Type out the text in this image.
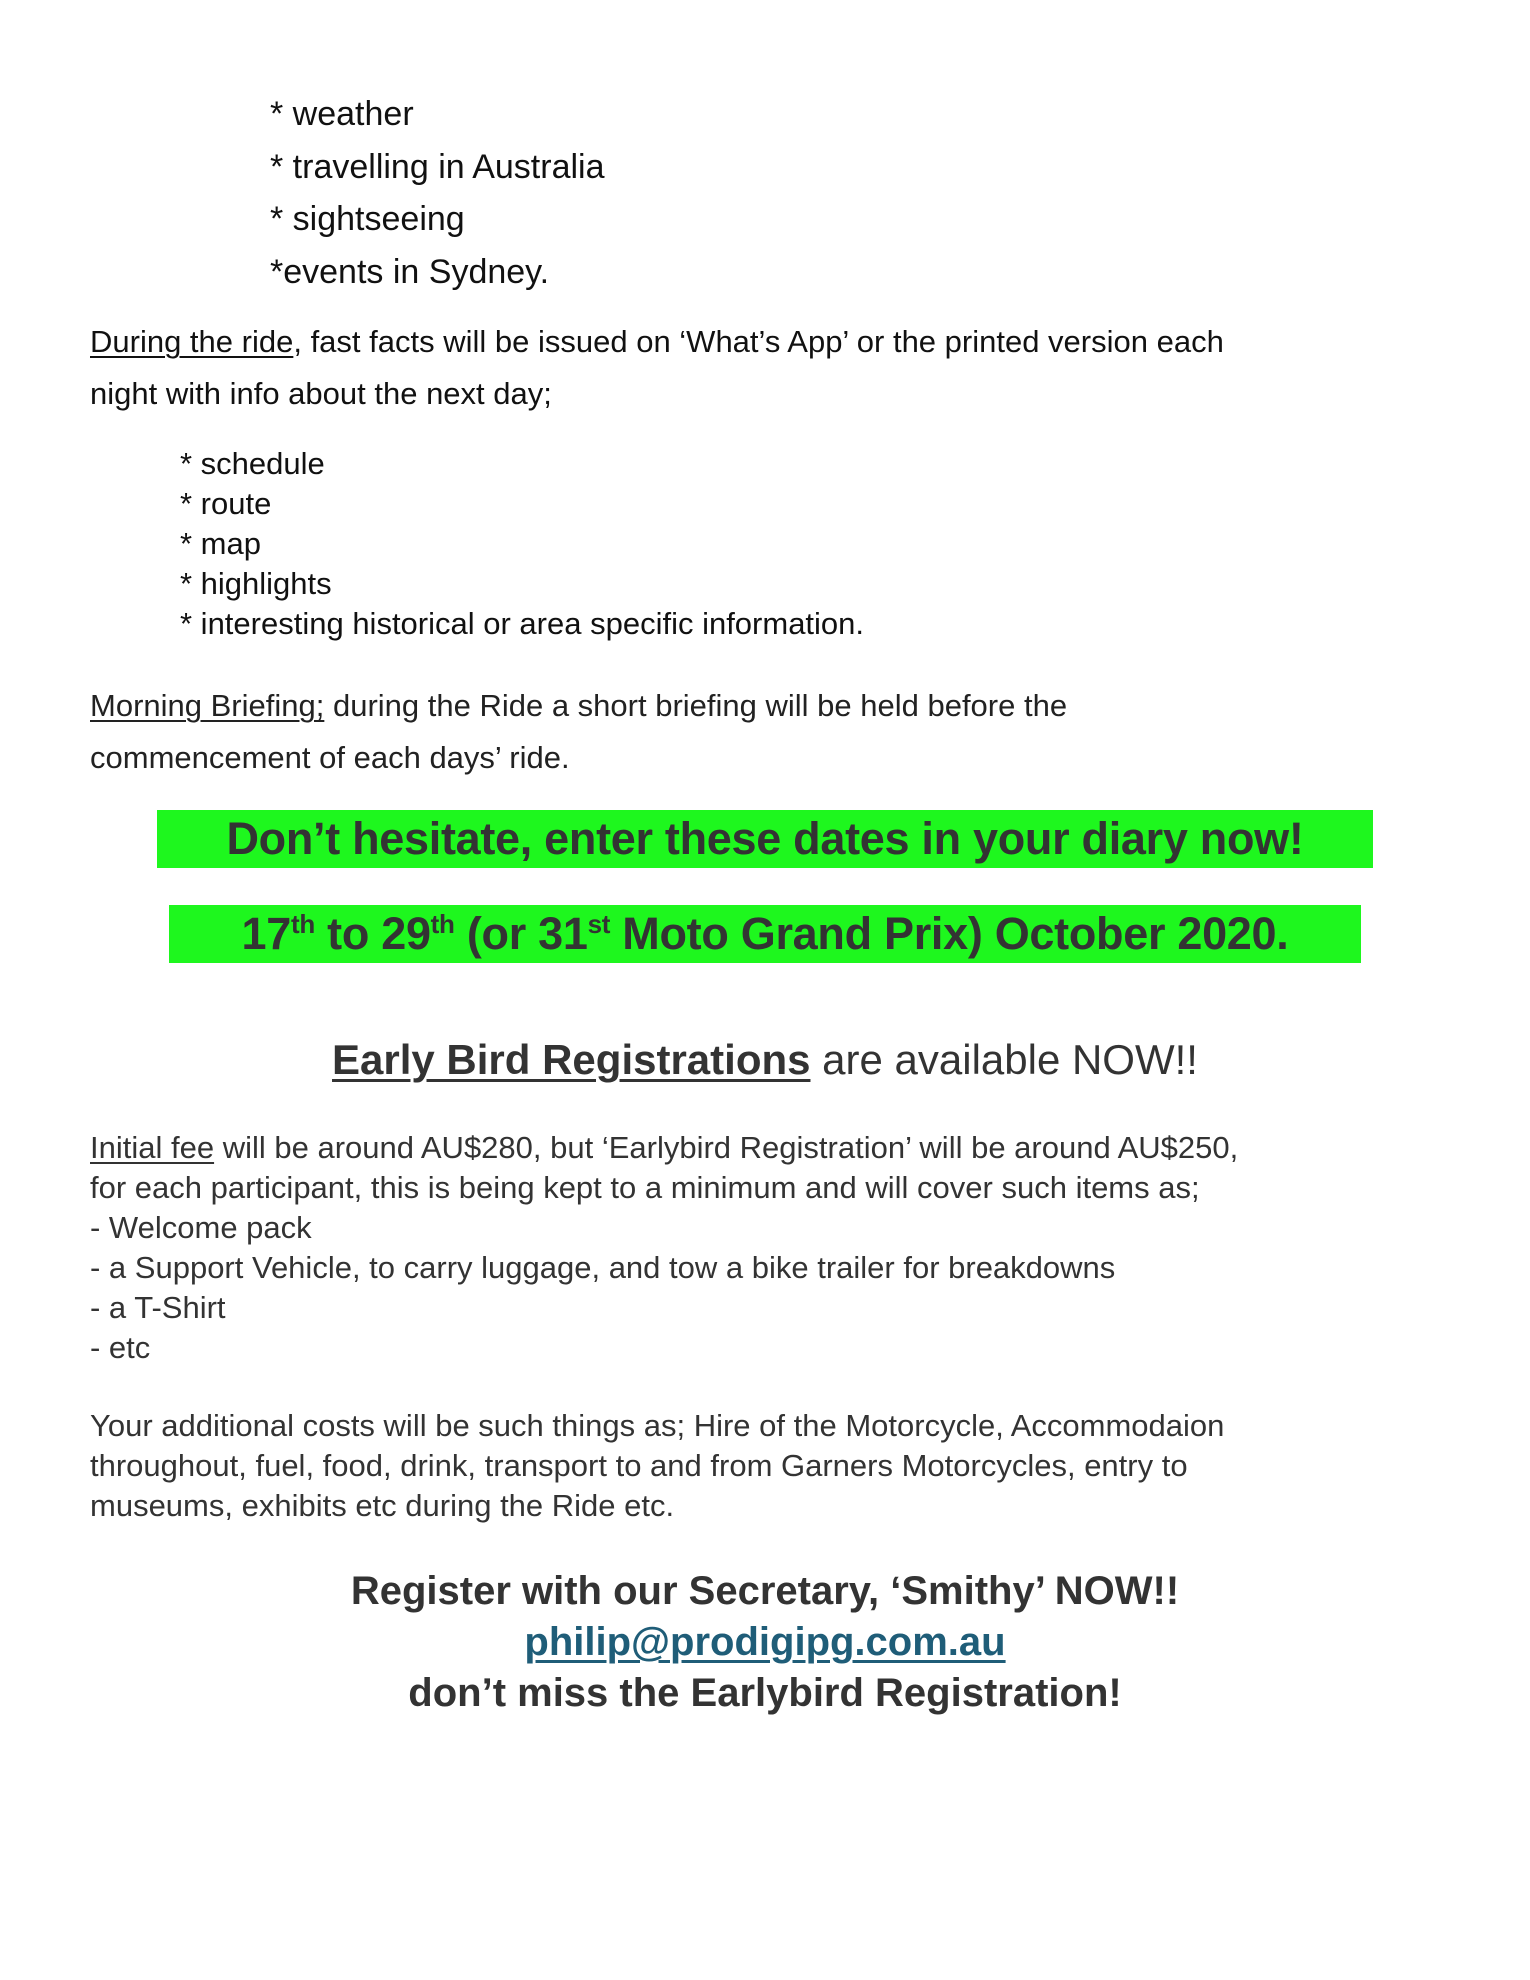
* weather
* travelling in Australia
* sightseeing
*events in Sydney.
During the ride, fast facts will be issued on ‘What’s App’ or the printed version each
night with info about the next day;
* schedule
* route
* map
* highlights
* interesting historical or area specific information.
Morning Briefing; during the Ride a short briefing will be held before the
commencement of each days’ ride.
Don’t hesitate, enter these dates in your diary now!
17th to 29th (or 31st Moto Grand Prix) October 2020.
Early Bird Registrations are available NOW!!
Initial fee will be around AU$280, but ‘Earlybird Registration’ will be around AU$250,
for each participant, this is being kept to a minimum and will cover such items as;
- Welcome pack
- a Support Vehicle, to carry luggage, and tow a bike trailer for breakdowns
- a T-Shirt
- etc
Your additional costs will be such things as; Hire of the Motorcycle, Accommodaion
throughout, fuel, food, drink, transport to and from Garners Motorcycles, entry to
museums, exhibits etc during the Ride etc.
Register with our Secretary, ‘Smithy’ NOW!!
philip@prodigipg.com.au
don’t miss the Earlybird Registration!
